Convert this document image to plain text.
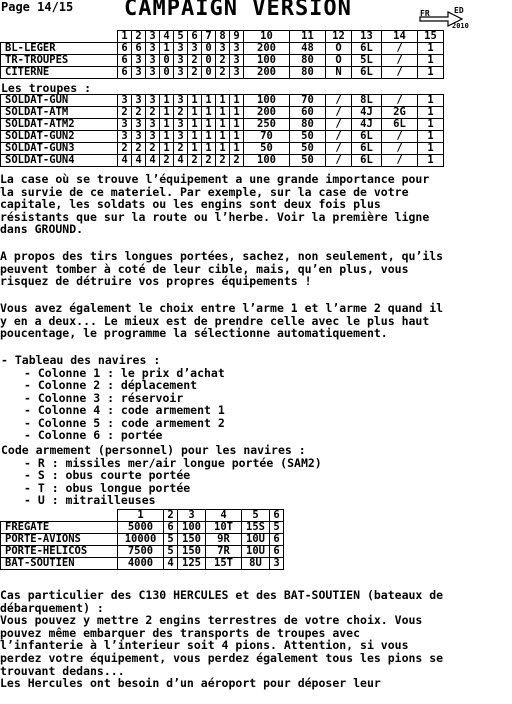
Page 14/15 CAMPAIGN VERSION	FR	ED
2010
	1	2	3	4	5	6	7	8	9	10	11	12	13	14	15
BL-LEGER	6	6	3	1	3	3	0	3	3	200	48	O	6L	/	1
TR-TROUPES	6	3	3	0	3	2	0	2	3	100	80	O	5L	/	1
CITERNE	6	3	3	0	3	2	0	2	3	200	80	N	6L	/	1
Les troupes :
SOLDAT-GUN	3	3	3	1	3	1	1	1	1	100	70	/	8L	/	1
SOLDAT-ATM	2	2	2	1	2	1	1	1	1	200	60	/	4J	2G	1
SOLDAT-ATM2	3	3	3	1	3	1	1	1	1	250	80	/	4J	6L	1
SOLDAT-GUN2	3	3	3	1	3	1	1	1	1	70	50	/	6L	/	1
SOLDAT-GUN3	2	2	2	1	2	1	1	1	1	50	50	/	6L	/	1
SOLDAT-GUN4	4	4	4	2	4	2	2	2	2	100	50	/	6L	/	1
La case où se trouve l’équipement a une grande importance pour
la survie de ce materiel. Par exemple, sur la case de votre
capitale, les soldats ou les engins sont deux fois plus
résistants que sur la route ou l’herbe. Voir la première ligne
dans GROUND.
A propos des tirs longues portées, sachez, non seulement, qu’ils
peuvent tomber à coté de leur cible, mais, qu’en plus, vous
risquez de détruire vos propres équipements !
Vous avez également le choix entre l’arme 1 et l’arme 2 quand il
y en a deux... Le mieux est de prendre celle avec le plus haut
poucentage, le programme la sélectionne automatiquement.
- Tableau des navires :
- Colonne 1 : le prix d’achat
- Colonne 2 : déplacement
- Colonne 3 : réservoir
- Colonne 4 : code armement 1
- Colonne 5 : code armement 2
- Colonne 6 : portée
Code armement (personnel) pour les navires :
- R : missiles mer/air longue portée (SAM2)
- S : obus courte portée
- T : obus longue portée
- U : mitrailleuses
	1	2	3	4	5	6
FREGATE	5000	6	100	10T	15S	5
PORTE-AVIONS	10000	5	150	9R	10U	6
PORTE-HELICOS	7500	5	150	7R	10U	6
BAT-SOUTIEN	4000	4	125	15T	8U	3
Cas particulier des C130 HERCULES et des BAT-SOUTIEN (bateaux de
débarquement) :
Vous pouvez y mettre 2 engins terrestres de votre choix. Vous
pouvez même embarquer des transports de troupes avec
l’infanterie à l’interieur soit 4 pions. Attention, si vous
perdez votre équipement, vous perdez également tous les pions se
trouvant dedans...
Les Hercules ont besoin d’un aéroport pour déposer leur
